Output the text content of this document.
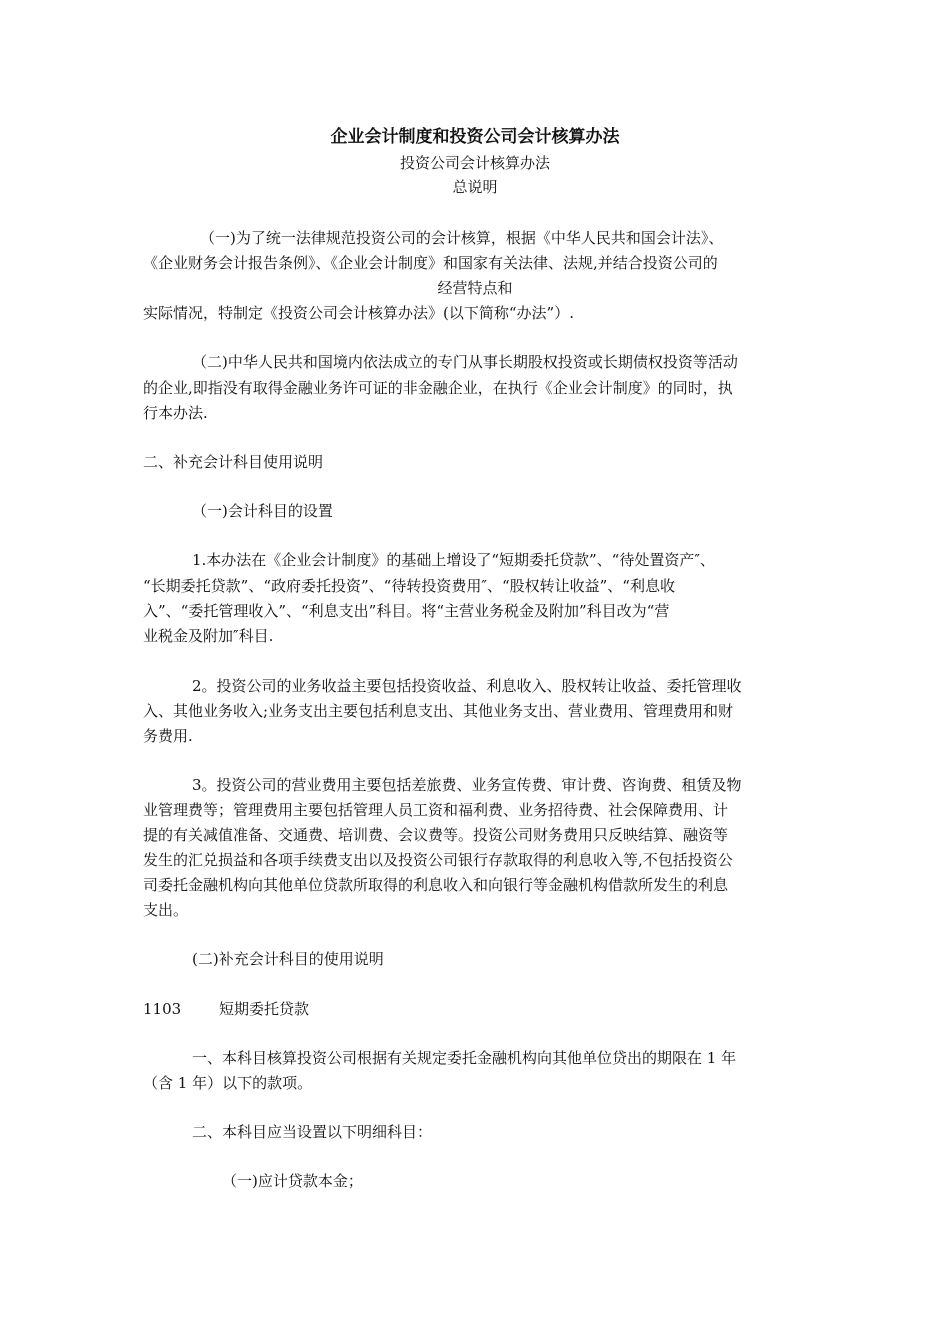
企业会计制度和投资公司会计核算办法
投资公司会计核算办法
总说明
（一)为了统一法律规范投资公司的会计核算，根据《中华人民共和国会计法》、
《企业财务会计报告条例》、《企业会计制度》和国家有关法律、法规,并结合投资公司的
经营特点和
实际情况，特制定《投资公司会计核算办法》(以下简称“办法”）.
（二)中华人民共和国境内依法成立的专门从事长期股权投资或长期债权投资等活动
的企业,即指没有取得金融业务许可证的非金融企业，在执行《企业会计制度》的同时，执
行本办法.
二、补充会计科目使用说明
（一)会计科目的设置
1.本办法在《企业会计制度》的基础上增设了“短期委托贷款”、“待处置资产″、
“长期委托贷款”、“政府委托投资”、“待转投资费用″、“股权转让收益”、“利息收
入”、“委托管理收入”、“利息支出”科目。将“主营业务税金及附加”科目改为“营
业税金及附加″科目.
2。投资公司的业务收益主要包括投资收益、利息收入、股权转让收益、委托管理收
入、其他业务收入;业务支出主要包括利息支出、其他业务支出、营业费用、管理费用和财
务费用.
3。投资公司的营业费用主要包括差旅费、业务宣传费、审计费、咨询费、租赁及物
业管理费等；管理费用主要包括管理人员工资和福利费、业务招待费、社会保障费用、计
提的有关减值准备、交通费、培训费、会议费等。投资公司财务费用只反映结算、融资等
发生的汇兑损益和各项手续费支出以及投资公司银行存款取得的利息收入等,不包括投资公
司委托金融机构向其他单位贷款所取得的利息收入和向银行等金融机构借款所发生的利息
支出。
(二)补充会计科目的使用说明
1103	短期委托贷款
一、本科目核算投资公司根据有关规定委托金融机构向其他单位贷出的期限在 1 年
（含 1 年）以下的款项。
二、本科目应当设置以下明细科目：
（一)应计贷款本金；
